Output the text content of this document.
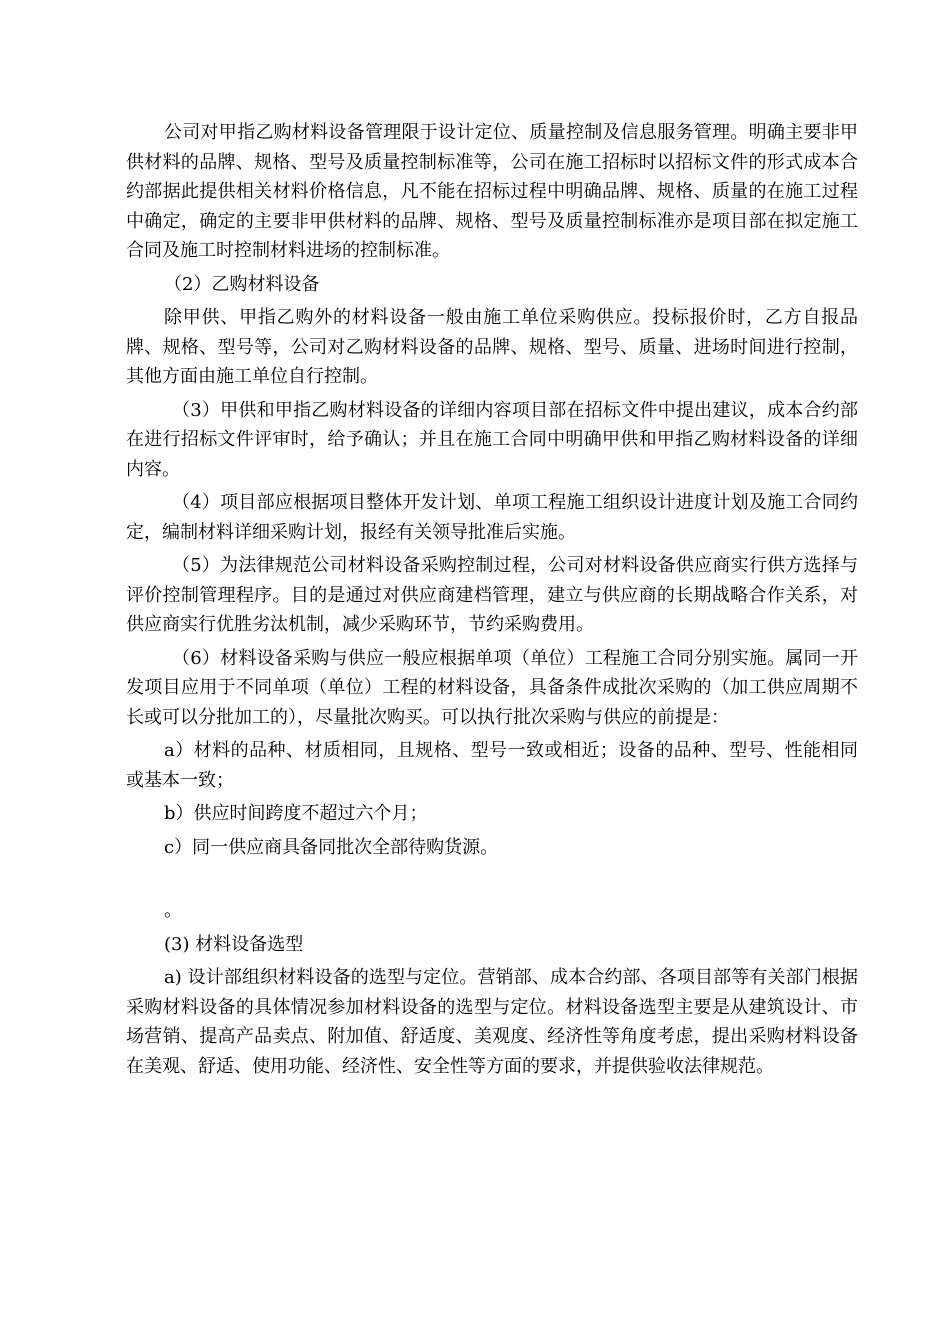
公司对甲指乙购材料设备管理限于设计定位、质量控制及信息服务管理。明确主要非甲供材料的品牌、规格、型号及质量控制标准等，公司在施工招标时以招标文件的形式成本合约部据此提供相关材料价格信息，凡不能在招标过程中明确品牌、规格、质量的在施工过程中确定，确定的主要非甲供材料的品牌、规格、型号及质量控制标准亦是项目部在拟定施工合同及施工时控制材料进场的控制标准。

（2）乙购材料设备

除甲供、甲指乙购外的材料设备一般由施工单位采购供应。投标报价时，乙方自报品牌、规格、型号等，公司对乙购材料设备的品牌、规格、型号、质量、进场时间进行控制，其他方面由施工单位自行控制。

（3）甲供和甲指乙购材料设备的详细内容项目部在招标文件中提出建议，成本合约部在进行招标文件评审时，给予确认；并且在施工合同中明确甲供和甲指乙购材料设备的详细内容。

（4）项目部应根据项目整体开发计划、单项工程施工组织设计进度计划及施工合同约定，编制材料详细采购计划，报经有关领导批准后实施。

（5）为法律规范公司材料设备采购控制过程，公司对材料设备供应商实行供方选择与评价控制管理程序。目的是通过对供应商建档管理，建立与供应商的长期战略合作关系，对供应商实行优胜劣汰机制，减少采购环节，节约采购费用。

（6）材料设备采购与供应一般应根据单项（单位）工程施工合同分别实施。属同一开发项目应用于不同单项（单位）工程的材料设备，具备条件成批次采购的（加工供应周期不长或可以分批加工的），尽量批次购买。可以执行批次采购与供应的前提是：

a）材料的品种、材质相同，且规格、型号一致或相近；设备的品种、型号、性能相同或基本一致；

b）供应时间跨度不超过六个月；

c）同一供应商具备同批次全部待购货源。

。

(3) 材料设备选型

a) 设计部组织材料设备的选型与定位。营销部、成本合约部、各项目部等有关部门根据采购材料设备的具体情况参加材料设备的选型与定位。材料设备选型主要是从建筑设计、市场营销、提高产品卖点、附加值、舒适度、美观度、经济性等角度考虑，提出采购材料设备在美观、舒适、使用功能、经济性、安全性等方面的要求，并提供验收法律规范。
